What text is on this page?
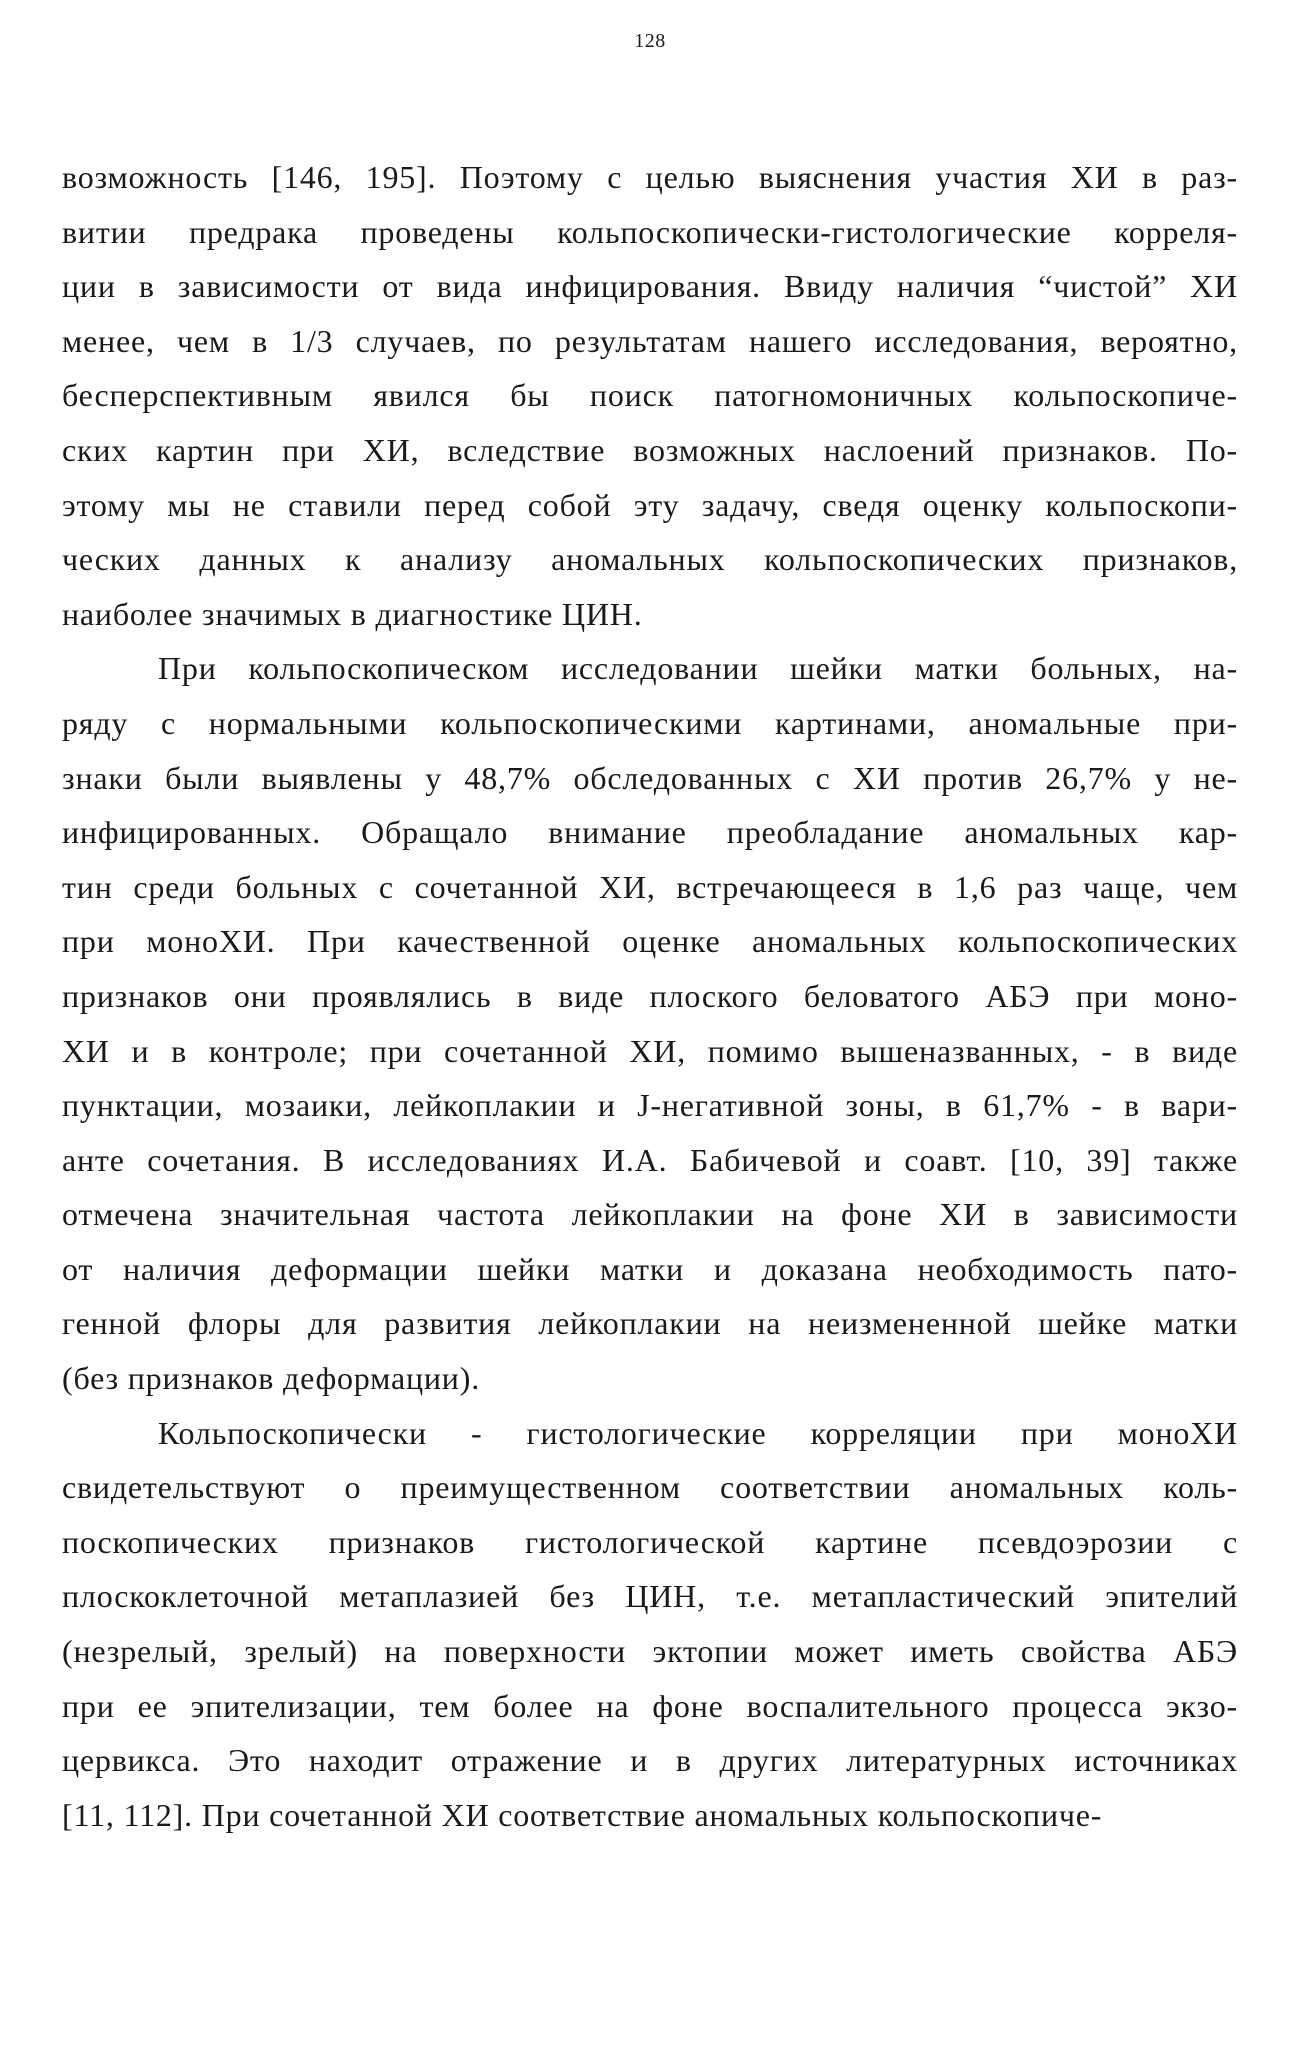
128
возможность [146, 195]. Поэтому с целью выяснения участия ХИ в раз-
витии предрака проведены кольпоскопически-гистологические корреля-
ции в зависимости от вида инфицирования. Ввиду наличия “чистой” ХИ
менее, чем в 1/3 случаев, по результатам нашего исследования, вероятно,
бесперспективным явился бы поиск патогномоничных кольпоскопиче-
ских картин при ХИ, вследствие возможных наслоений признаков. По-
этому мы не ставили перед собой эту задачу, сведя оценку кольпоскопи-
ческих данных к анализу аномальных кольпоскопических признаков,
наиболее значимых в диагностике ЦИН.
При кольпоскопическом исследовании шейки матки больных, на-
ряду с нормальными кольпоскопическими картинами, аномальные при-
знаки были выявлены у 48,7% обследованных с ХИ против 26,7% у не-
инфицированных. Обращало внимание преобладание аномальных кар-
тин среди больных с сочетанной ХИ, встречающееся в 1,6 раз чаще, чем
при моноХИ. При качественной оценке аномальных кольпоскопических
признаков они проявлялись в виде плоского беловатого АБЭ при моно-
ХИ и в контроле; при сочетанной ХИ, помимо вышеназванных, - в виде
пунктации, мозаики, лейкоплакии и J-негативной зоны, в 61,7% - в вари-
анте сочетания. В исследованиях И.А. Бабичевой и соавт. [10, 39] также
отмечена значительная частота лейкоплакии на фоне ХИ в зависимости
от наличия деформации шейки матки и доказана необходимость пато-
генной флоры для развития лейкоплакии на неизмененной шейке матки
(без признаков деформации).
Кольпоскопически - гистологические корреляции при моноХИ
свидетельствуют о преимущественном соответствии аномальных коль-
поскопических признаков гистологической картине псевдоэрозии с
плоскоклеточной метаплазией без ЦИН, т.е. метапластический эпителий
(незрелый, зрелый) на поверхности эктопии может иметь свойства АБЭ
при ее эпителизации, тем более на фоне воспалительного процесса экзо-
цервикса. Это находит отражение и в других литературных источниках
[11, 112]. При сочетанной ХИ соответствие аномальных кольпоскопиче-
